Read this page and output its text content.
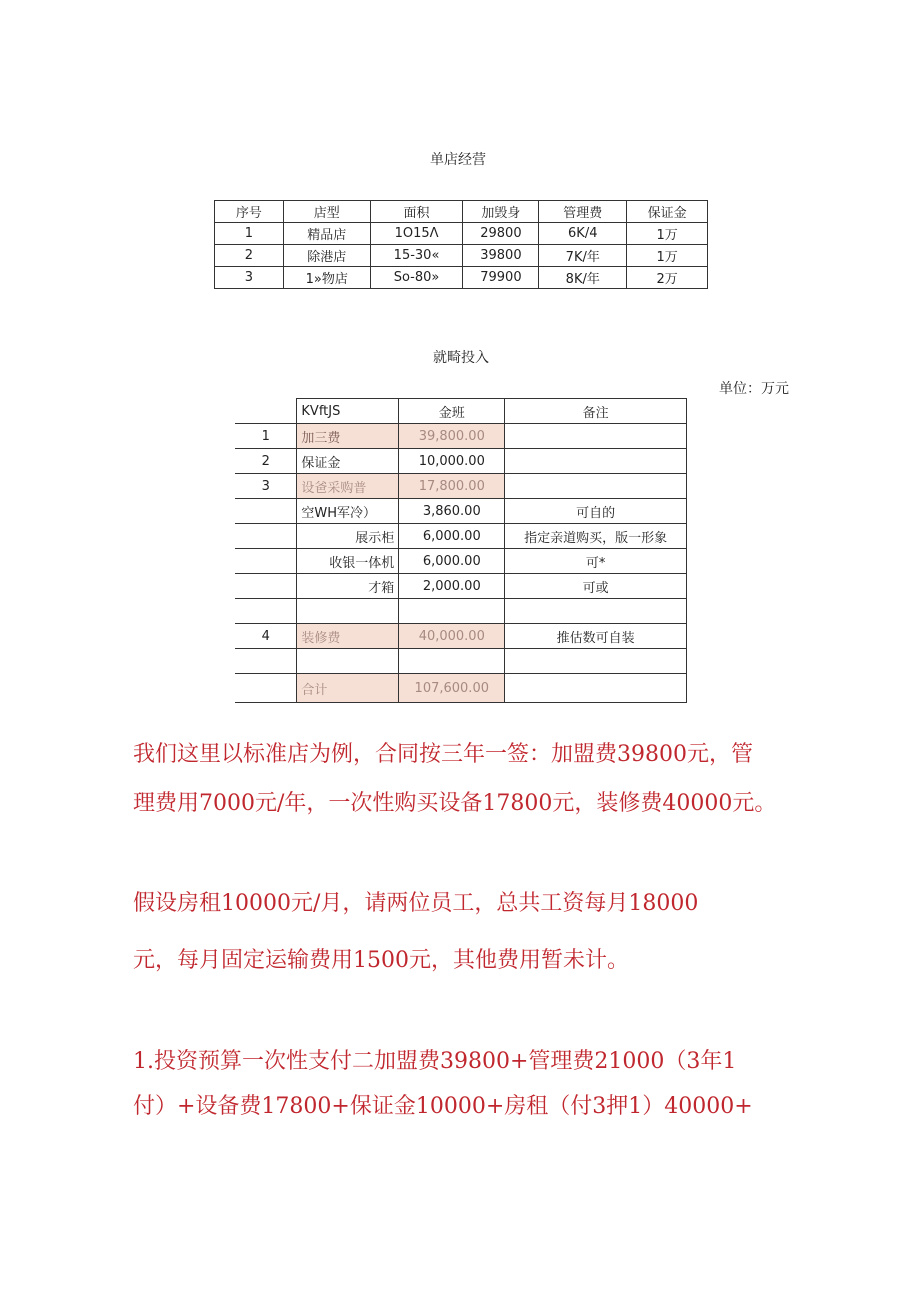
单店经营
序号	店型	面积	加毁身	管理费	保证金
1	精品店	1O15Λ	29800	6K/4	1万
2	除港店	15-30«	39800	7K/年	1万
3	1»物店	So-80»	79900	8K/年	2万
就畸投入
单位：万元
	KVftJS	金班	备注
1	加三费	39,800.00	
2	保证金	10,000.00	
3	设爸采购普	17,800.00	
	空WH军冷）	3,860.00	可自的
	展示柜	6,000.00	指定亲道购买，版一形象
	收银一体机	6,000.00	可*
	才箱	2,000.00	可或

4	装修费	40,000.00	推估数可自装

	合计	107,600.00	
我们这里以标准店为例，合同按三年一签：加盟费39800元，管
理费用7000元/年，一次性购买设备17800元，装修费40000元。
假设房租10000元/月，请两位员工，总共工资每月18000
元，每月固定运输费用1500元，其他费用暂未计。
1.投资预算一次性支付二加盟费39800+管理费21000（3年1
付）+设备费17800+保证金10000+房租（付3押1）40000+
